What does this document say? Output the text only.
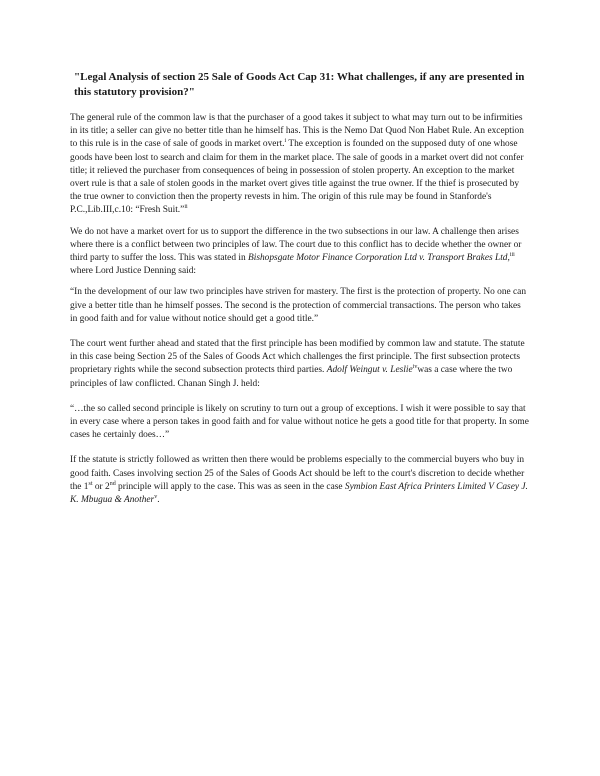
"Legal Analysis of section 25 Sale of Goods Act Cap 31: What challenges, if any are presented in this statutory provision?"

The general rule of the common law is that the purchaser of a good takes it subject to what may turn out to be infirmities in its title; a seller can give no better title than he himself has. This is the Nemo Dat Quod Non Habet Rule. An exception to this rule is in the case of sale of goods in market overt.$^i$ The exception is founded on the supposed duty of one whose goods have been lost to search and claim for them in the market place. The sale of goods in a market overt did not confer title; it relieved the purchaser from consequences of being in possession of stolen property. An exception to the market overt rule is that a sale of stolen goods in the market overt gives title against the true owner. If the thief is prosecuted by the true owner to conviction then the property revests in him. The origin of this rule may be found in Stanforde's P.C.,Lib.III,c.10: “Fresh Suit.”$^{ii}$

We do not have a market overt for us to support the difference in the two subsections in our law. A challenge then arises where there is a conflict between two principles of law. The court due to this conflict has to decide whether the owner or third party to suffer the loss. This was stated in Bishopsgate Motor Finance Corporation Ltd v. Transport Brakes Ltd,$^{iii}$ where Lord Justice Denning said:

“In the development of our law two principles have striven for mastery. The first is the protection of property. No one can give a better title than he himself posses. The second is the protection of commercial transactions. The person who takes in good faith and for value without notice should get a good title.”

The court went further ahead and stated that the first principle has been modified by common law and statute. The statute in this case being Section 25 of the Sales of Goods Act which challenges the first principle. The first subsection protects proprietary rights while the second subsection protects third parties. Adolf Weingut v. Leslie$^{iv}$was a case where the two principles of law conflicted. Chanan Singh J. held:

“…the so called second principle is likely on scrutiny to turn out a group of exceptions. I wish it were possible to say that in every case where a person takes in good faith and for value without notice he gets a good title for that property. In some cases he certainly does…”

If the statute is strictly followed as written then there would be problems especially to the commercial buyers who buy in good faith. Cases involving section 25 of the Sales of Goods Act should be left to the court's discretion to decide whether the 1st or 2nd principle will apply to the case. This was as seen in the case Symbion East Africa Printers Limited V Casey J. K. Mbugua & Another$^v$.
